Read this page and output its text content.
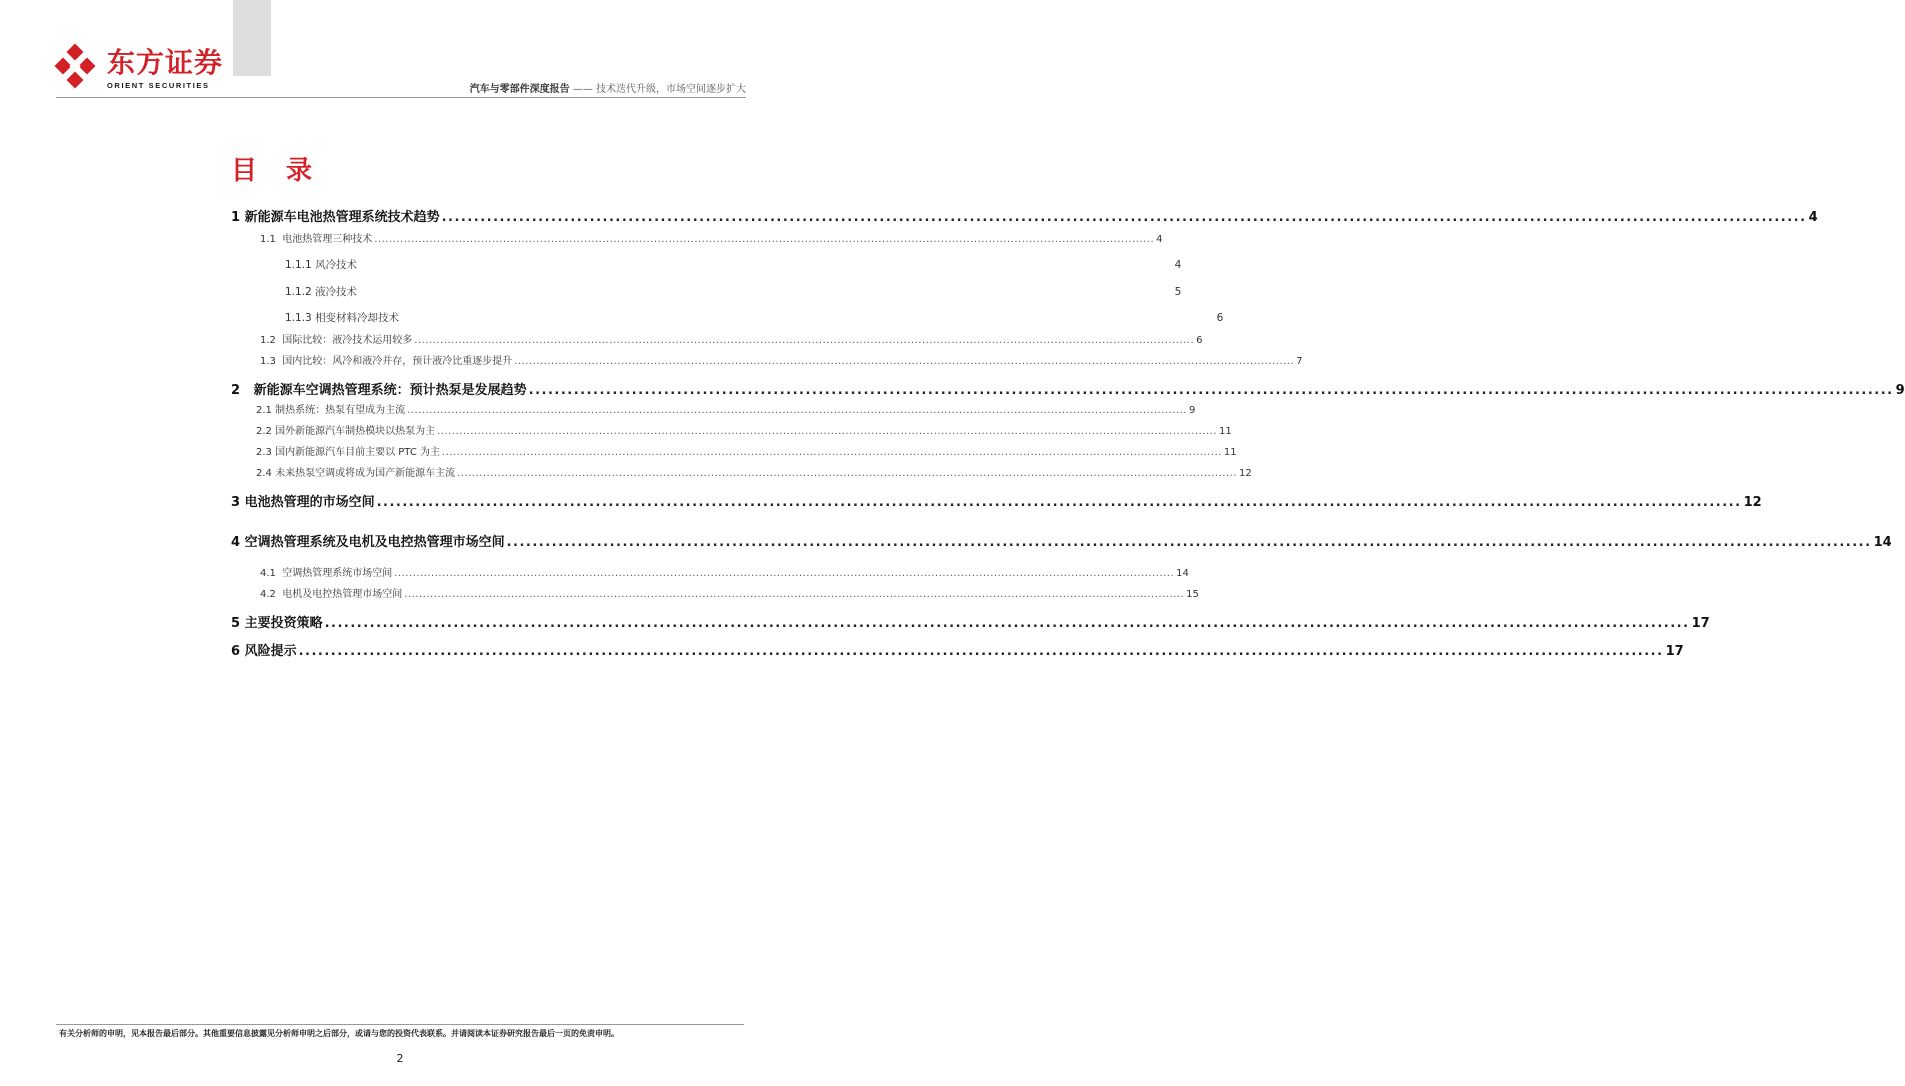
东方证券
ORIENT SECURITIES	汽车与零部件深度报告 —— 技术迭代升级，市场空间逐步扩大
目 录
1 新能源车电池热管理系统技术趋势 .................................................................................................................................................................................................................... 4
1.1 电池热管理三种技术 .................................................................................................................................................................................................................... 4
1.1.1 风冷技术	4
1.1.2 液冷技术	5
1.1.3 相变材料冷却技术	6
1.2 国际比较：液冷技术运用较多 .................................................................................................................................................................................................................... 6
1.3 国内比较：风冷和液冷并存，预计液冷比重逐步提升 .................................................................................................................................................................................................................... 7
2 新能源车空调热管理系统：预计热泵是发展趋势 .................................................................................................................................................................................................................... 9
2.1 制热系统：热泵有望成为主流 .................................................................................................................................................................................................................... 9
2.2 国外新能源汽车制热模块以热泵为主 .................................................................................................................................................................................................................... 11
2.3 国内新能源汽车目前主要以 PTC 为主 .................................................................................................................................................................................................................... 11
2.4 未来热泵空调或将成为国产新能源车主流 .................................................................................................................................................................................................................... 12
3 电池热管理的市场空间 .................................................................................................................................................................................................................... 12
4 空调热管理系统及电机及电控热管理市场空间 .................................................................................................................................................................................................................... 14
4.1 空调热管理系统市场空间 .................................................................................................................................................................................................................... 14
4.2 电机及电控热管理市场空间 .................................................................................................................................................................................................................... 15
5 主要投资策略 .................................................................................................................................................................................................................... 17
6 风险提示 .................................................................................................................................................................................................................... 17
有关分析师的申明，见本报告最后部分。其他重要信息披露见分析师申明之后部分，或请与您的投资代表联系。并请阅读本证券研究报告最后一页的免责申明。
2
